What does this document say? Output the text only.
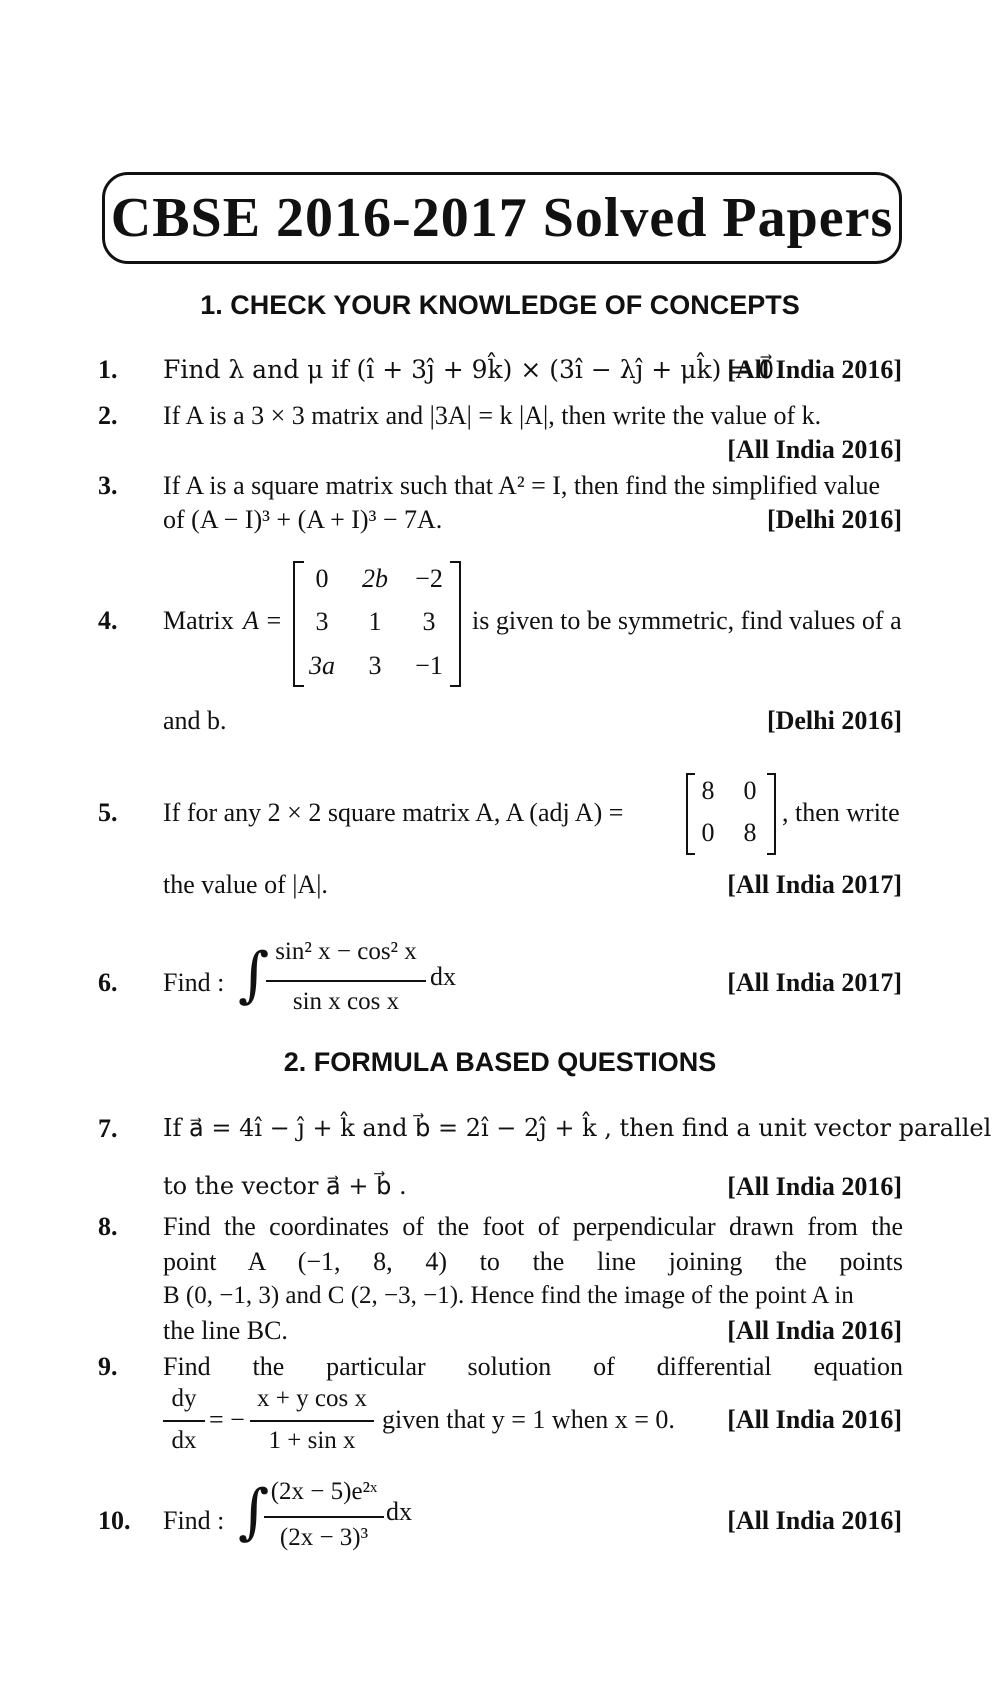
CBSE 2016-2017 Solved Papers
1. CHECK YOUR KNOWLEDGE OF CONCEPTS
1. Find λ and μ if (î + 3ĵ + 9k̂) × (3î − λĵ + μk̂) = 0⃗
[All India 2016]
2. If A is a 3 × 3 matrix and |3A| = k |A|, then write the value of k.
[All India 2016]
3. If A is a square matrix such that A² = I, then find the simplified value
of (A − I)³ + (A + I)³ − 7A.	[Delhi 2016]
4. Matrix A =
0	2b	−2
3	1	3
3a	3	−1
is given to be symmetric, find values of a
and b.	[Delhi 2016]
5. If for any 2 × 2 square matrix A, A (adj A) =
8	0
0	8
, then write
the value of |A|.	[All India 2017]
6. Find : ∫ sin² x − cos² x
sin x cos x
dx	[All India 2017]
2. FORMULA BASED QUESTIONS
7. If a⃗ = 4î − ĵ + k̂ and b⃗ = 2î − 2ĵ + k̂ , then find a unit vector parallel
to the vector a⃗ + b⃗ .	[All India 2016]
8. Find the coordinates of the foot of perpendicular drawn from the
point A (−1, 8, 4) to the line joining the points
B (0, −1, 3) and C (2, −3, −1). Hence find the image of the point A in
the line BC.	[All India 2016]
9. Find the particular solution of differential equation
dy
dx
= −
x + y cos x
1 + sin x
given that y = 1 when x = 0. [All India 2016]
10. Find : ∫ (2x − 5)e²ˣ
(2x − 3)³
dx	[All India 2016]
